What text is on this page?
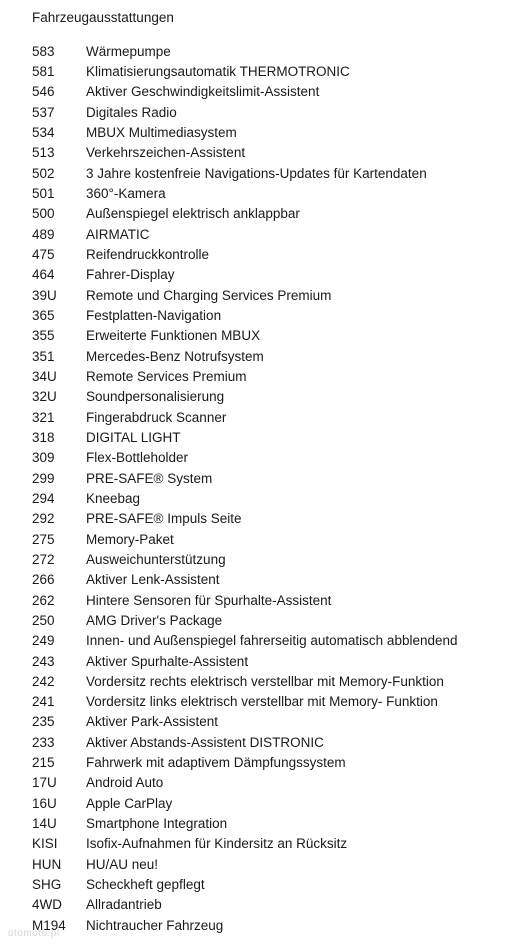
Fahrzeugausstattungen
583	Wärmepumpe
581	Klimatisierungsautomatik THERMOTRONIC
546	Aktiver Geschwindigkeitslimit-Assistent
537	Digitales Radio
534	MBUX Multimediasystem
513	Verkehrszeichen-Assistent
502	3 Jahre kostenfreie Navigations-Updates für Kartendaten
501	360°-Kamera
500	Außenspiegel elektrisch anklappbar
489	AIRMATIC
475	Reifendruckkontrolle
464	Fahrer-Display
39U	Remote und Charging Services Premium
365	Festplatten-Navigation
355	Erweiterte Funktionen MBUX
351	Mercedes-Benz Notrufsystem
34U	Remote Services Premium
32U	Soundpersonalisierung
321	Fingerabdruck Scanner
318	DIGITAL LIGHT
309	Flex-Bottleholder
299	PRE-SAFE® System
294	Kneebag
292	PRE-SAFE® Impuls Seite
275	Memory-Paket
272	Ausweichunterstützung
266	Aktiver Lenk-Assistent
262	Hintere Sensoren für Spurhalte-Assistent
250	AMG Driver's Package
249	Innen- und Außenspiegel fahrerseitig automatisch abblendend
243	Aktiver Spurhalte-Assistent
242	Vordersitz rechts elektrisch verstellbar mit Memory-Funktion
241	Vordersitz links elektrisch verstellbar mit Memory- Funktion
235	Aktiver Park-Assistent
233	Aktiver Abstands-Assistent DISTRONIC
215	Fahrwerk mit adaptivem Dämpfungssystem
17U	Android Auto
16U	Apple CarPlay
14U	Smartphone Integration
KISI	Isofix-Aufnahmen für Kindersitz an Rücksitz
HUN	HU/AU neu!
SHG	Scheckheft gepflegt
4WD	Allradantrieb
M194	Nichtraucher Fahrzeug
otomoto.pl
